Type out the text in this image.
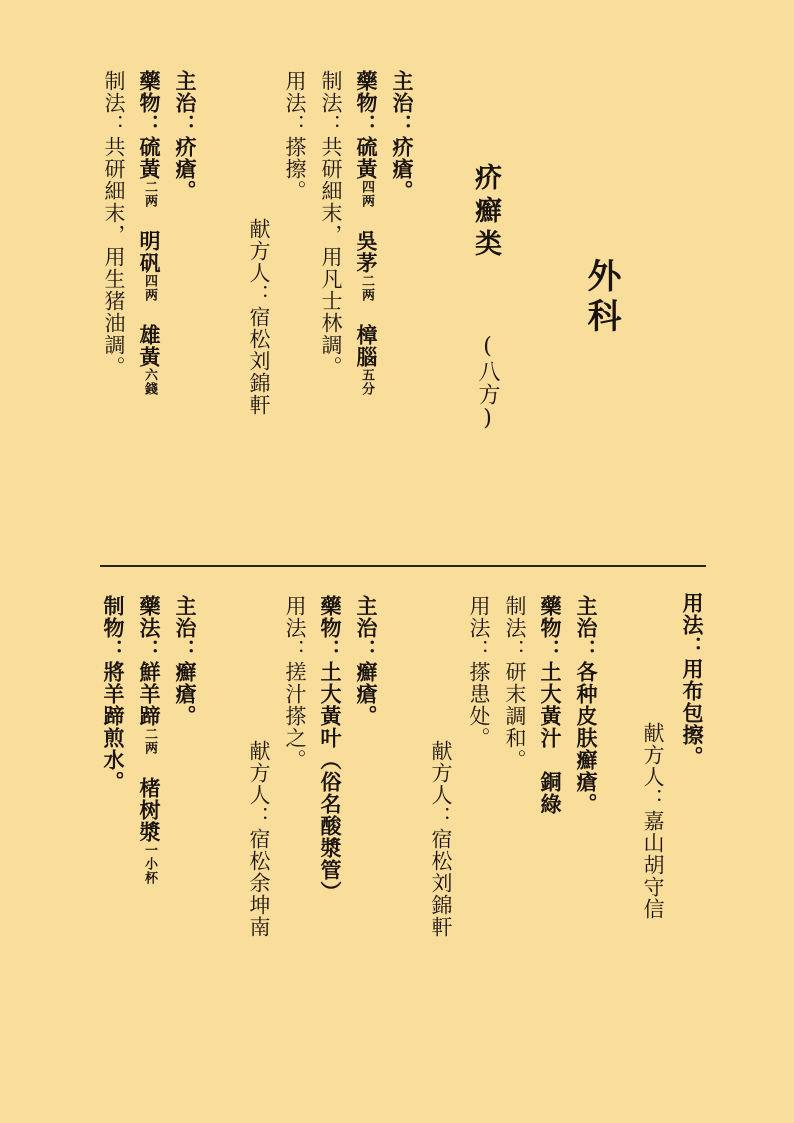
外科
疥癬类
(八方)
用法：用布包擦。
献方人：嘉山胡守信
主治：疥瘡。
藥物：硫黃四两　吳茅二两　樟腦五分
制法：共研細末，用凡士林調。
用法：搽擦。
献方人：宿松刘錦軒
主治：疥瘡。
藥物：硫黃二两　明矾四两　雄黃六錢
制法：共研細末，用生猪油調。
主治：各种皮肤癬瘡。
藥物：土大黃汁　銅綠
制法：研末調和。
用法：搽患处。
献方人：宿松刘錦軒
主治：癬瘡。
藥物：土大黃叶（俗名酸漿管）
用法：搓汁搽之。
献方人：宿松余坤南
主治：癬瘡。
藥法：鮮羊蹄二两　楮树漿一小杯
制物：將羊蹄煎水。
